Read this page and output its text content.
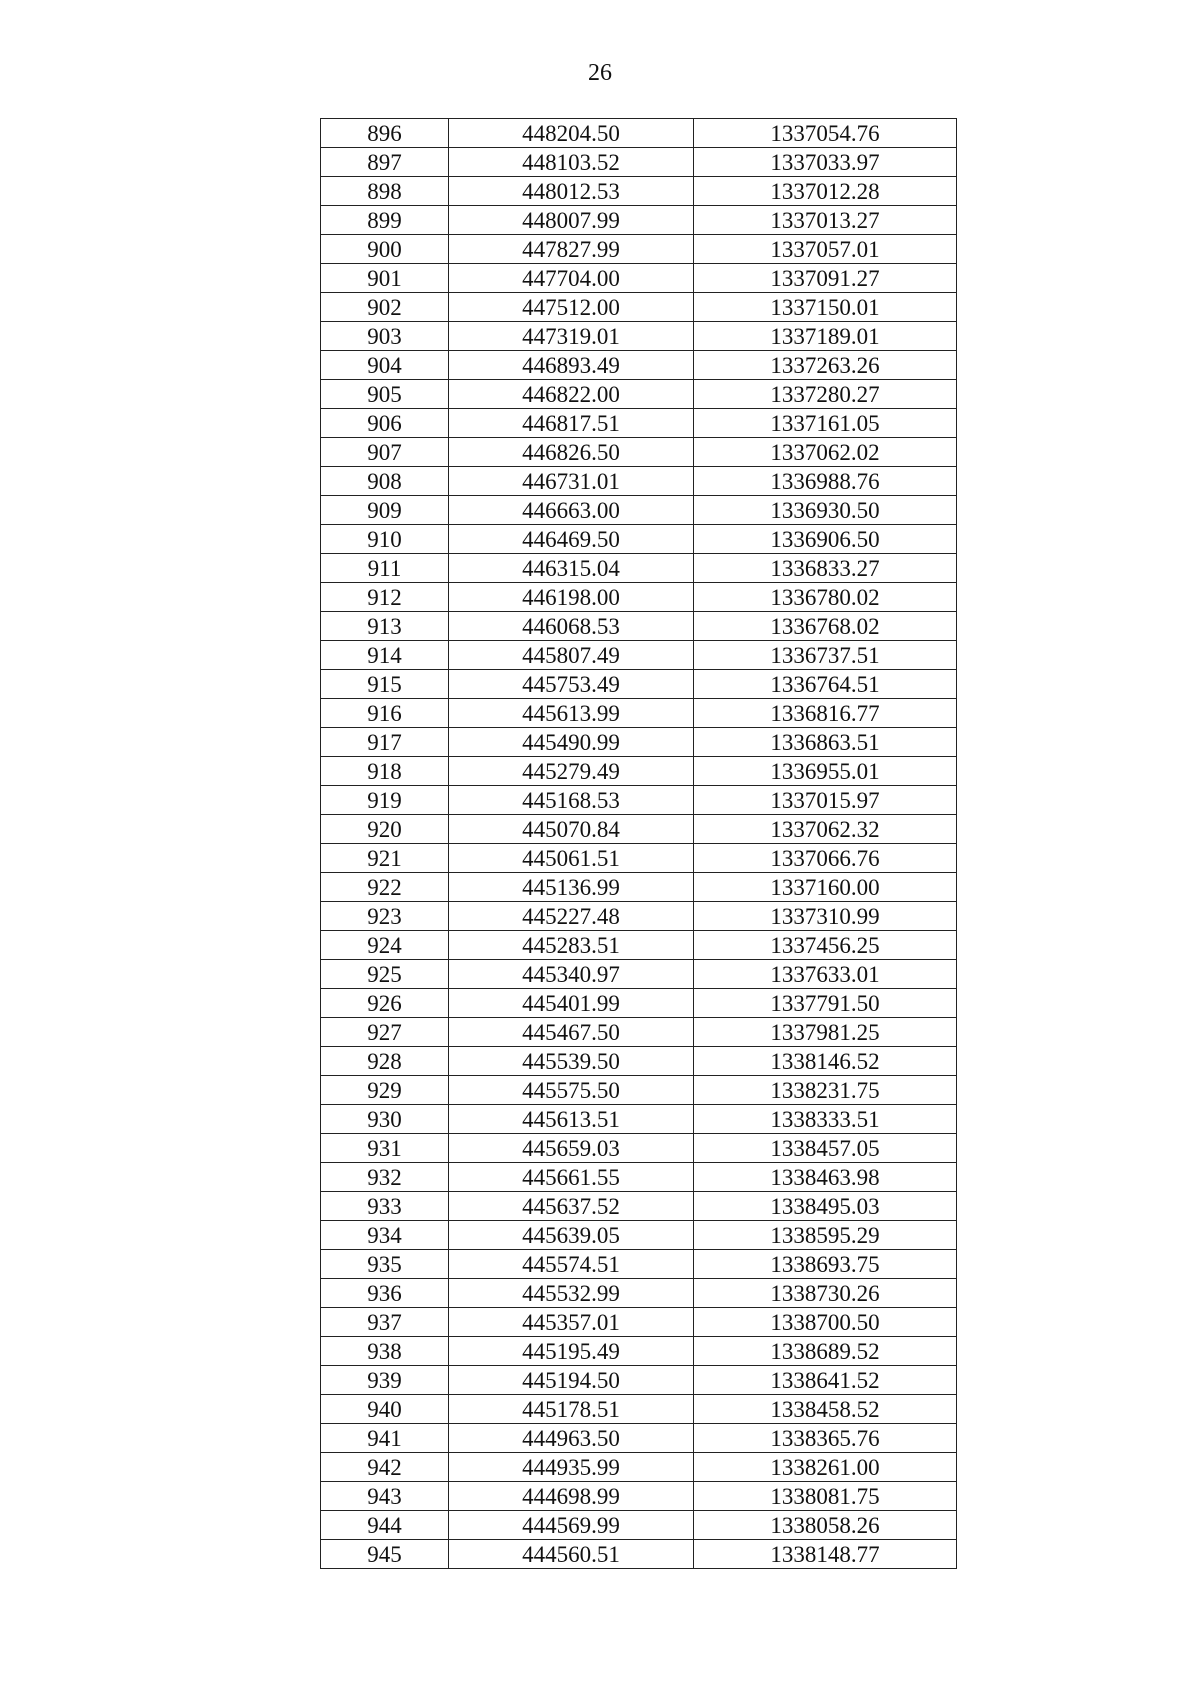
26
896	448204.50	1337054.76
897	448103.52	1337033.97
898	448012.53	1337012.28
899	448007.99	1337013.27
900	447827.99	1337057.01
901	447704.00	1337091.27
902	447512.00	1337150.01
903	447319.01	1337189.01
904	446893.49	1337263.26
905	446822.00	1337280.27
906	446817.51	1337161.05
907	446826.50	1337062.02
908	446731.01	1336988.76
909	446663.00	1336930.50
910	446469.50	1336906.50
911	446315.04	1336833.27
912	446198.00	1336780.02
913	446068.53	1336768.02
914	445807.49	1336737.51
915	445753.49	1336764.51
916	445613.99	1336816.77
917	445490.99	1336863.51
918	445279.49	1336955.01
919	445168.53	1337015.97
920	445070.84	1337062.32
921	445061.51	1337066.76
922	445136.99	1337160.00
923	445227.48	1337310.99
924	445283.51	1337456.25
925	445340.97	1337633.01
926	445401.99	1337791.50
927	445467.50	1337981.25
928	445539.50	1338146.52
929	445575.50	1338231.75
930	445613.51	1338333.51
931	445659.03	1338457.05
932	445661.55	1338463.98
933	445637.52	1338495.03
934	445639.05	1338595.29
935	445574.51	1338693.75
936	445532.99	1338730.26
937	445357.01	1338700.50
938	445195.49	1338689.52
939	445194.50	1338641.52
940	445178.51	1338458.52
941	444963.50	1338365.76
942	444935.99	1338261.00
943	444698.99	1338081.75
944	444569.99	1338058.26
945	444560.51	1338148.77
